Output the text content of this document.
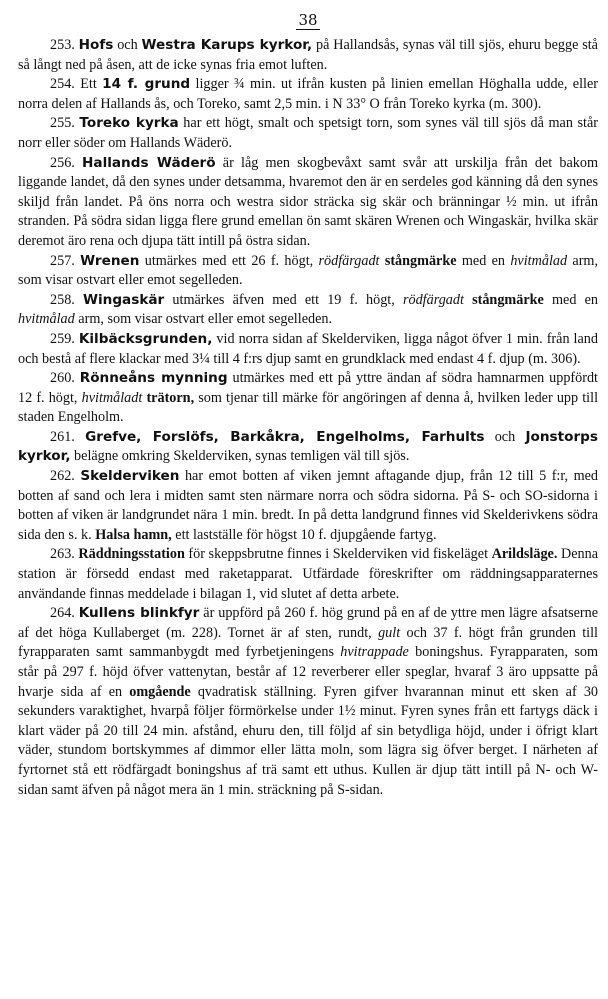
38

253. Hofs och Westra Karups kyrkor, på Hallandsås, synas väl till sjös, ehuru begge stå så långt ned på åsen, att de icke synas fria emot luften.

254. Ett 14 f. grund ligger ¾ min. ut ifrån kusten på linien emellan Höghalla udde, eller norra delen af Hallands ås, och Toreko, samt 2,5 min. i N 33° O från Toreko kyrka (m. 300).

255. Toreko kyrka har ett högt, smalt och spetsigt torn, som synes väl till sjös då man står norr eller söder om Hallands Wäderö.

256. Hallands Wäderö är låg men skogbevåxt samt svår att urskilja från det bakom liggande landet, då den synes under detsamma, hvaremot den är en serdeles god känning då den synes skiljd från landet. På öns norra och westra sidor sträcka sig skär och bränningar ½ min. ut ifrån stranden. På södra sidan ligga flere grund emellan ön samt skären Wrenen och Wingaskär, hvilka skär deremot äro rena och djupa tätt intill på östra sidan.

257. Wrenen utmärkes med ett 26 f. högt, rödfärgadt stångmärke med en hvitmålad arm, som visar ostvart eller emot segelleden.

258. Wingaskär utmärkes äfven med ett 19 f. högt, rödfärgadt stångmärke med en hvitmålad arm, som visar ostvart eller emot segelleden.

259. Kilbäcksgrunden, vid norra sidan af Skelderviken, ligga något öfver 1 min. från land och bestå af flere klackar med 3¼ till 4 f:rs djup samt en grundklack med endast 4 f. djup (m. 306).

260. Rönneåns mynning utmärkes med ett på yttre ändan af södra hamnarmen uppfördt 12 f. högt, hvitmåladt trätorn, som tjenar till märke för angöringen af denna å, hvilken leder upp till staden Engelholm.

261. Grefve, Forslöfs, Barkåkra, Engelholms, Farhults och Jonstorps kyrkor, belägne omkring Skelderviken, synas temligen väl till sjös.

262. Skelderviken har emot botten af viken jemnt aftagande djup, från 12 till 5 f:r, med botten af sand och lera i midten samt sten närmare norra och södra sidorna. På S- och SO-sidorna i botten af viken är landgrundet nära 1 min. bredt. In på detta landgrund finnes vid Skelderivkens södra sida den s. k. Halsa hamn, ett lastställe för högst 10 f. djupgående fartyg.

263. Räddningsstation för skeppsbrutne finnes i Skelderviken vid fiskeläget Arildsläge. Denna station är försedd endast med raketapparat. Utfärdade föreskrifter om räddningsapparaternes användande finnas meddelade i bilagan 1, vid slutet af detta arbete.

264. Kullens blinkfyr är uppförd på 260 f. hög grund på en af de yttre men lägre afsatserne af det höga Kullaberget (m. 228). Tornet är af sten, rundt, gult och 37 f. högt från grunden till fyrapparaten samt sammanbygdt med fyrbetjeningens hvitrappade boningshus. Fyrapparaten, som står på 297 f. höjd öfver vattenytan, består af 12 reverberer eller speglar, hvaraf 3 äro uppsatte på hvarje sida af en omgående qvadratisk ställning. Fyren gifver hvarannan minut ett sken af 30 sekunders varaktighet, hvarpå följer förmörkelse under 1½ minut. Fyren synes från ett fartygs däck i klart väder på 20 till 24 min. afstånd, ehuru den, till följd af sin betydliga höjd, under i öfrigt klart väder, stundom bortskymmes af dimmor eller lätta moln, som lägra sig öfver berget. I närheten af fyrtornet stå ett rödfärgadt boningshus af trä samt ett uthus. Kullen är djup tätt intill på N- och W-sidan samt äfven på något mera än 1 min. sträckning på S-sidan.
